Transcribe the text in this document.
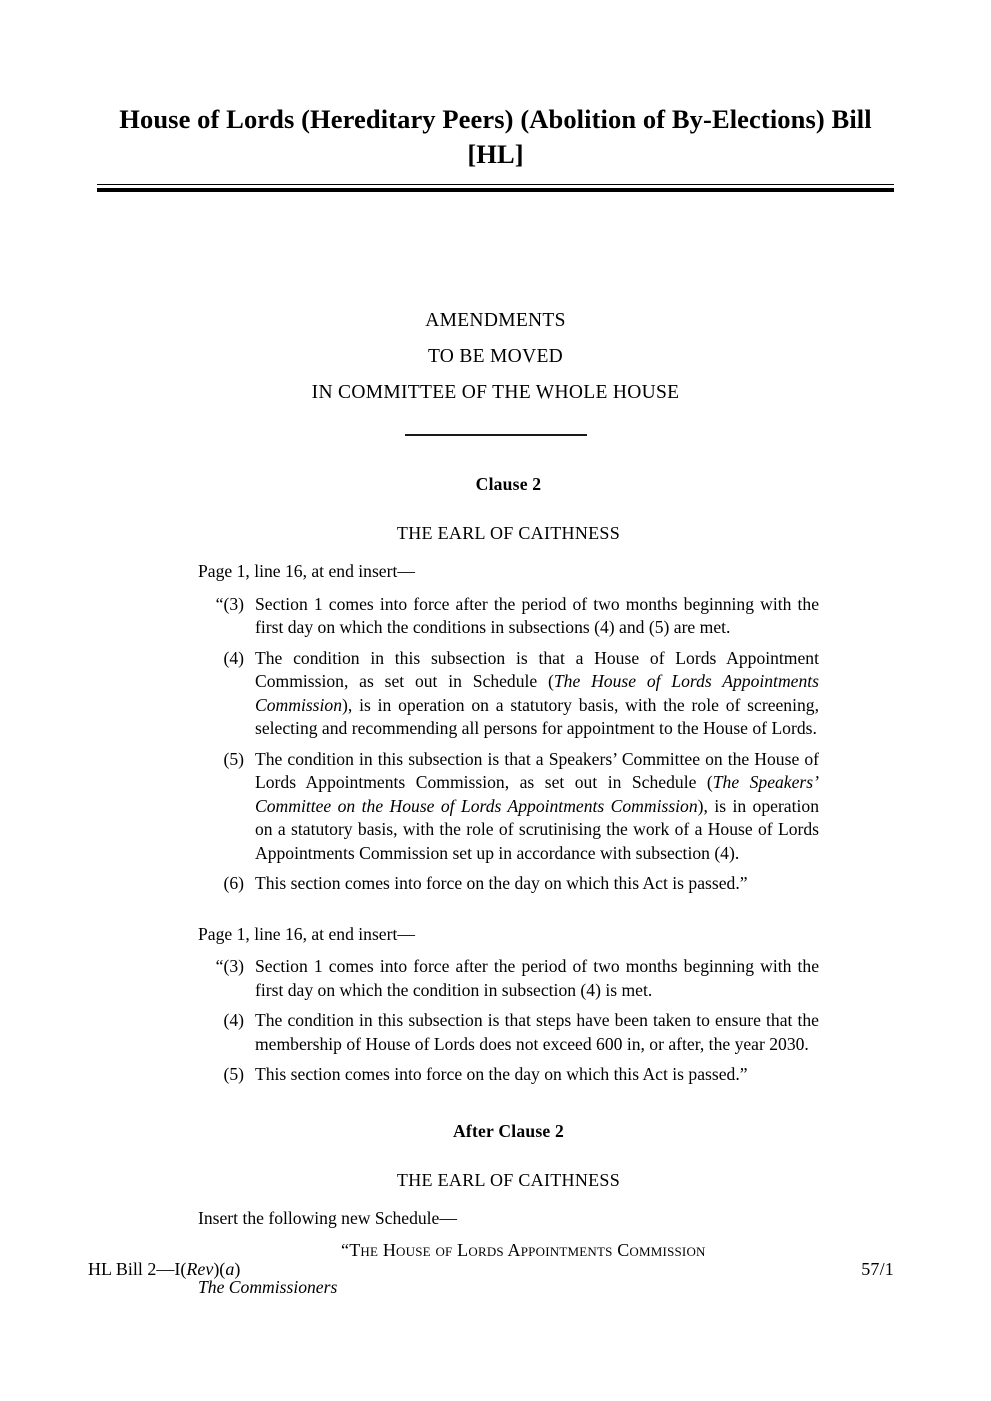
House of Lords (Hereditary Peers) (Abolition of By-Elections) Bill [HL]
AMENDMENTS
TO BE MOVED
IN COMMITTEE OF THE WHOLE HOUSE
Clause 2
THE EARL OF CAITHNESS

Page 1, line 16, at end insert—

“(3) Section 1 comes into force after the period of two months beginning with the first day on which the conditions in subsections (4) and (5) are met.
(4) The condition in this subsection is that a House of Lords Appointment Commission, as set out in Schedule (The House of Lords Appointments Commission), is in operation on a statutory basis, with the role of screening, selecting and recommending all persons for appointment to the House of Lords.
(5) The condition in this subsection is that a Speakers’ Committee on the House of Lords Appointments Commission, as set out in Schedule (The Speakers’ Committee on the House of Lords Appointments Commission), is in operation on a statutory basis, with the role of scrutinising the work of a House of Lords Appointments Commission set up in accordance with subsection (4).
(6) This section comes into force on the day on which this Act is passed.”

Page 1, line 16, at end insert—

“(3) Section 1 comes into force after the period of two months beginning with the first day on which the condition in subsection (4) is met.
(4) The condition in this subsection is that steps have been taken to ensure that the membership of House of Lords does not exceed 600 in, or after, the year 2030.
(5) This section comes into force on the day on which this Act is passed.”
After Clause 2
THE EARL OF CAITHNESS

Insert the following new Schedule—

“The House of Lords Appointments Commission

The Commissioners

HL Bill 2—I(Rev)(a)	57/1
